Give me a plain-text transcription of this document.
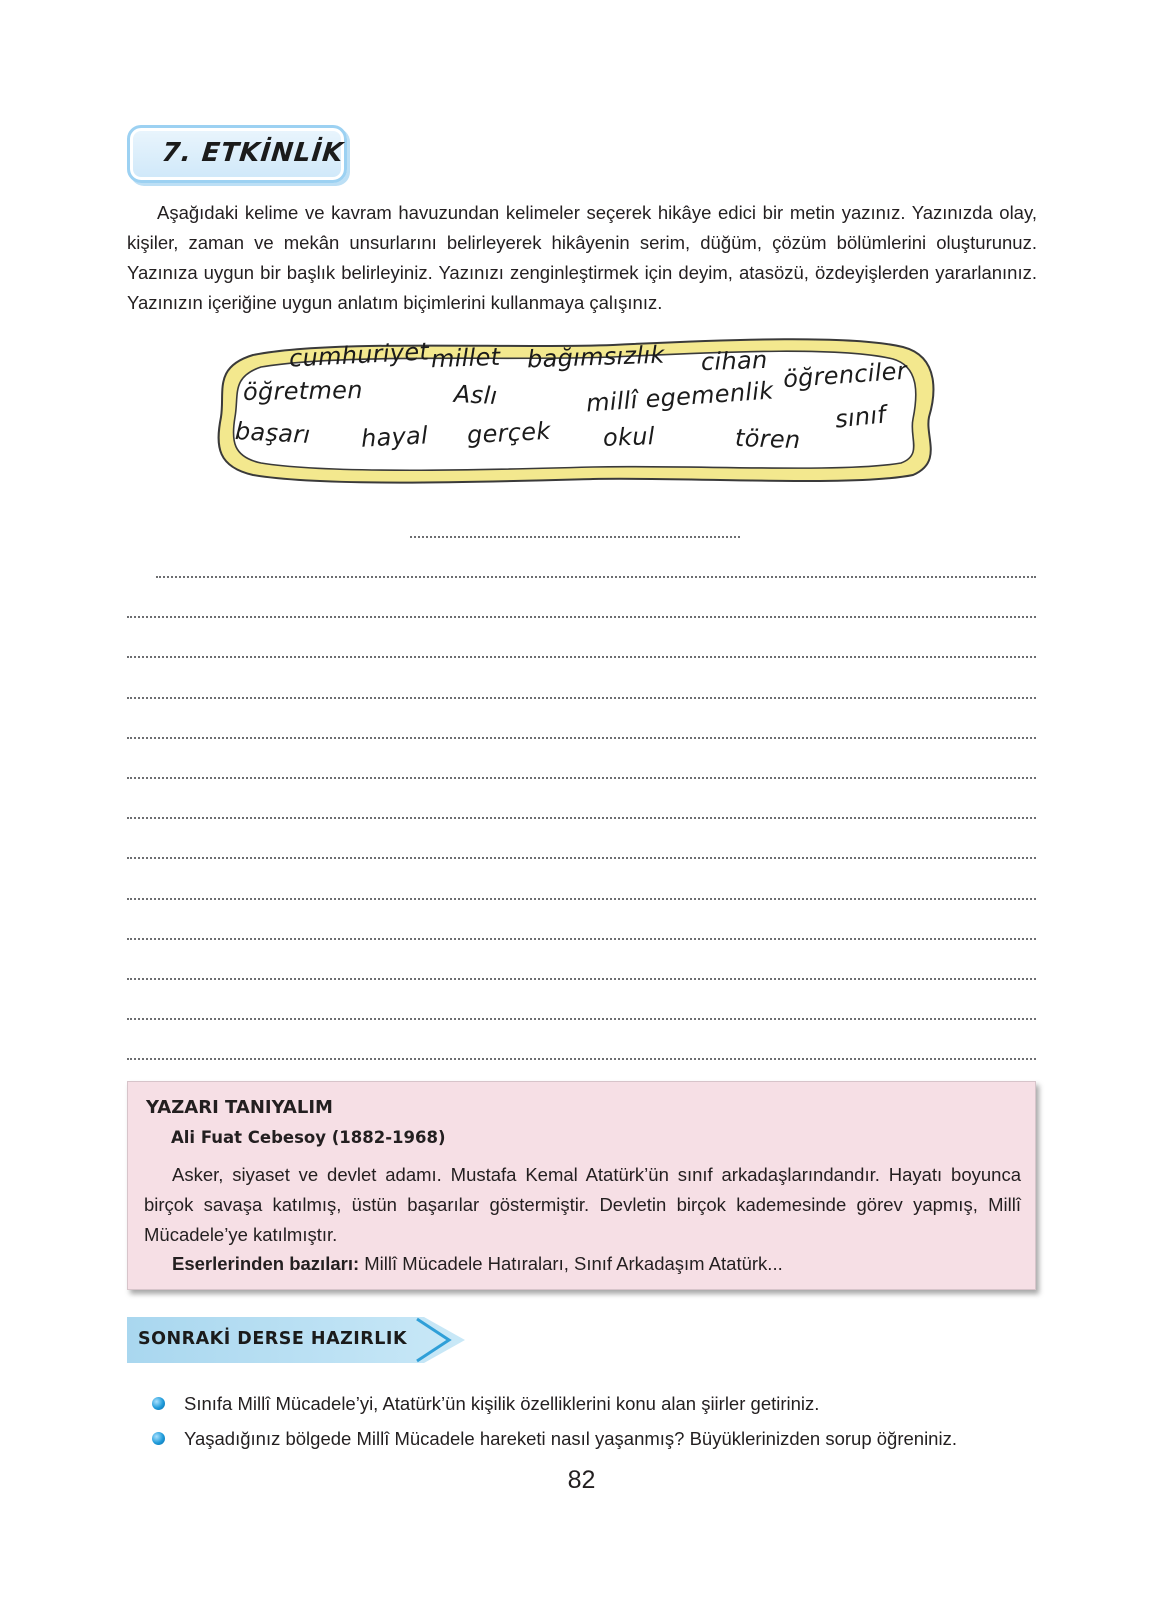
7. ETKİNLİK

Aşağıdaki kelime ve kavram havuzundan kelimeler seçerek hikâye edici bir metin yazınız. Yazınızda olay, kişiler, zaman ve mekân unsurlarını belirleyerek hikâyenin serim, düğüm, çözüm bölümlerini oluşturunuz. Yazınıza uygun bir başlık belirleyiniz. Yazınızı zenginleştirmek için deyim, atasözü, özdeyişlerden yararlanınız. Yazınızın içeriğine uygun anlatım biçimlerini kullanmaya çalışınız.

cumhuriyet millet bağımsızlık cihan öğrenciler
öğretmen	Aslı	millî egemenlik sınıf
başarı hayal gerçek okul	tören
YAZARI TANIYALIM
Ali Fuat Cebesoy (1882-1968)

Asker, siyaset ve devlet adamı. Mustafa Kemal Atatürk’ün sınıf arkadaşlarındandır. Hayatı boyunca birçok savaşa katılmış, üstün başarılar göstermiştir. Devletin birçok kademesinde görev yapmış, Millî Mücadele’ye katılmıştır.

Eserlerinden bazıları: Millî Mücadele Hatıraları, Sınıf Arkadaşım Atatürk...

SONRAKİ DERSE HAZIRLIK
Sınıfa Millî Mücadele’yi, Atatürk’ün kişilik özelliklerini konu alan şiirler getiriniz.
Yaşadığınız bölgede Millî Mücadele hareketi nasıl yaşanmış? Büyüklerinizden sorup öğreniniz.
82
